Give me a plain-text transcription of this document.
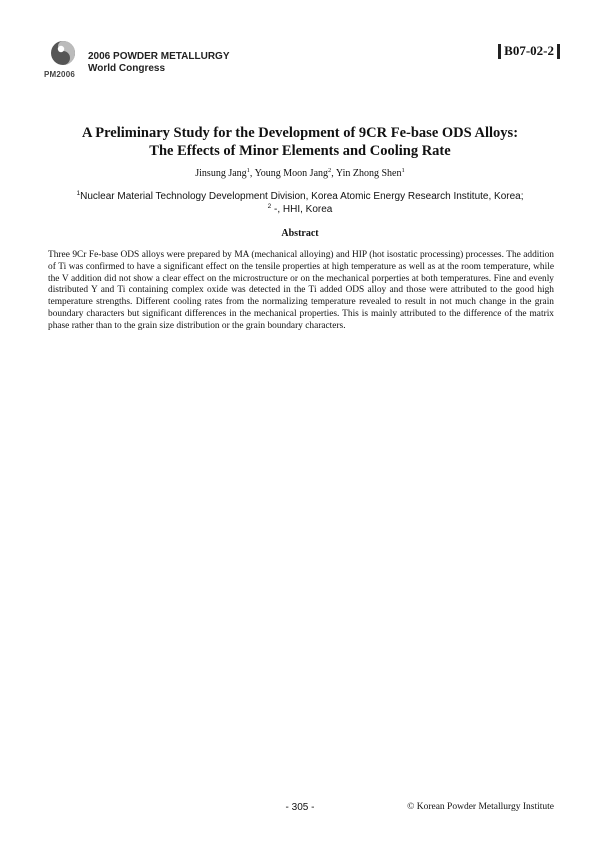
PM2006
2006 POWDER METALLURGY
World Congress
B07-02-2
A Preliminary Study for the Development of 9CR Fe-base ODS Alloys:
The Effects of Minor Elements and Cooling Rate
Jinsung Jang$^1$, Young Moon Jang$^2$, Yin Zhong Shen$^1$
$^1$Nuclear Material Technology Development Division, Korea Atomic Energy Research Institute, Korea;
$^2$ -, HHI, Korea
Abstract
Three 9Cr Fe-base ODS alloys were prepared by MA (mechanical alloying) and HIP (hot isostatic processing) processes. The addition of Ti was confirmed to have a significant effect on the tensile properties at high temperature as well as at the room temperature, while the V addition did not show a clear effect on the microstructure or on the mechanical porperties at both temperatures. Fine and evenly distributed Y and Ti containing complex oxide was detected in the Ti added ODS alloy and those were attributed to the good high temperature strengths. Different cooling rates from the normalizing temperature revealed to result in not much change in the grain boundary characters but significant differences in the mechanical properties. This is mainly attributed to the difference of the matrix phase rather than to the grain size distribution or the grain boundary characters.
- 305 -	© Korean Powder Metallurgy Institute
